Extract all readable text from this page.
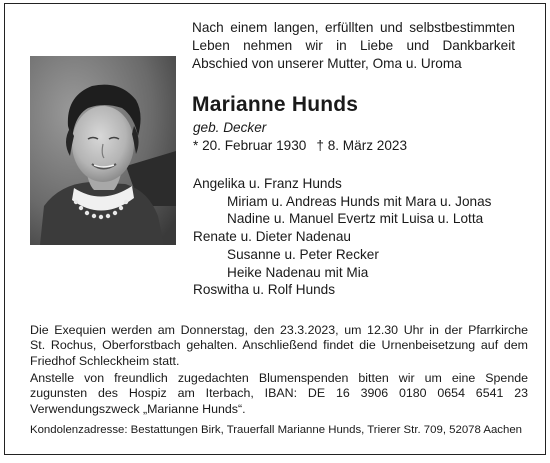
Nach einem langen, erfüllten und selbstbestimmten
Leben nehmen wir in Liebe und Dankbarkeit
Abschied von unserer Mutter, Oma u. Uroma
Marianne Hunds
geb. Decker
* 20. Februar 1930 † 8. März 2023
Angelika u. Franz Hunds
Miriam u. Andreas Hunds mit Mara u. Jonas
Nadine u. Manuel Evertz mit Luisa u. Lotta
Renate u. Dieter Nadenau
Susanne u. Peter Recker
Heike Nadenau mit Mia
Roswitha u. Rolf Hunds
Die Exequien werden am Donnerstag, den 23.3.2023, um 12.30 Uhr in der Pfarrkirche
St. Rochus, Oberforstbach gehalten. Anschließend findet die Urnenbeisetzung auf dem
Friedhof Schleckheim statt.
Anstelle von freundlich zugedachten Blumenspenden bitten wir um eine Spende
zugunsten des Hospiz am Iterbach, IBAN: DE 16 3906 0180 0654 6541 23
Verwendungszweck „Marianne Hunds“.
Kondolenzadresse: Bestattungen Birk, Trauerfall Marianne Hunds, Trierer Str. 709, 52078 Aachen
